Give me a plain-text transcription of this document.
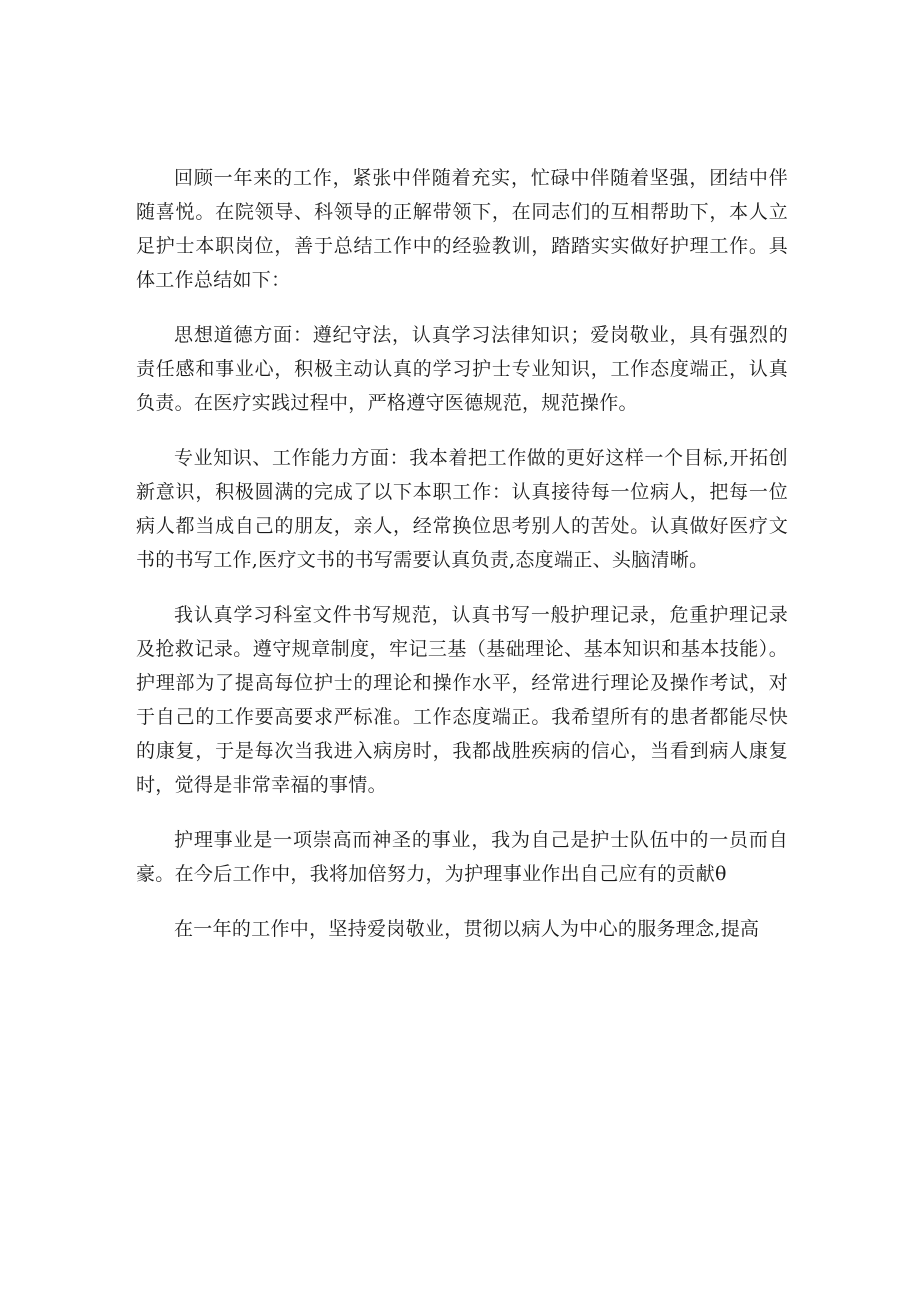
回顾一年来的工作，紧张中伴随着充实，忙碌中伴随着坚强，团结中伴随喜悦。在院领导、科领导的正解带领下，在同志们的互相帮助下，本人立足护士本职岗位，善于总结工作中的经验教训，踏踏实实做好护理工作。具体工作总结如下：

思想道德方面：遵纪守法，认真学习法律知识；爱岗敬业，具有强烈的责任感和事业心，积极主动认真的学习护士专业知识，工作态度端正，认真负责。在医疗实践过程中，严格遵守医德规范，规范操作。

专业知识、工作能力方面：我本着把工作做的更好这样一个目标,开拓创新意识，积极圆满的完成了以下本职工作：认真接待每一位病人，把每一位病人都当成自己的朋友，亲人，经常换位思考别人的苦处。认真做好医疗文书的书写工作,医疗文书的书写需要认真负责,态度端正、头脑清晰。

我认真学习科室文件书写规范，认真书写一般护理记录，危重护理记录及抢救记录。遵守规章制度，牢记三基（基础理论、基本知识和基本技能）。护理部为了提高每位护士的理论和操作水平，经常进行理论及操作考试，对于自己的工作要高要求严标准。工作态度端正。我希望所有的患者都能尽快的康复，于是每次当我进入病房时，我都战胜疾病的信心，当看到病人康复时，觉得是非常幸福的事情。

护理事业是一项崇高而神圣的事业，我为自己是护士队伍中的一员而自豪。在今后工作中，我将加倍努力，为护理事业作出自己应有的贡献θ

在一年的工作中，坚持爱岗敬业，贯彻以病人为中心的服务理念,提高
